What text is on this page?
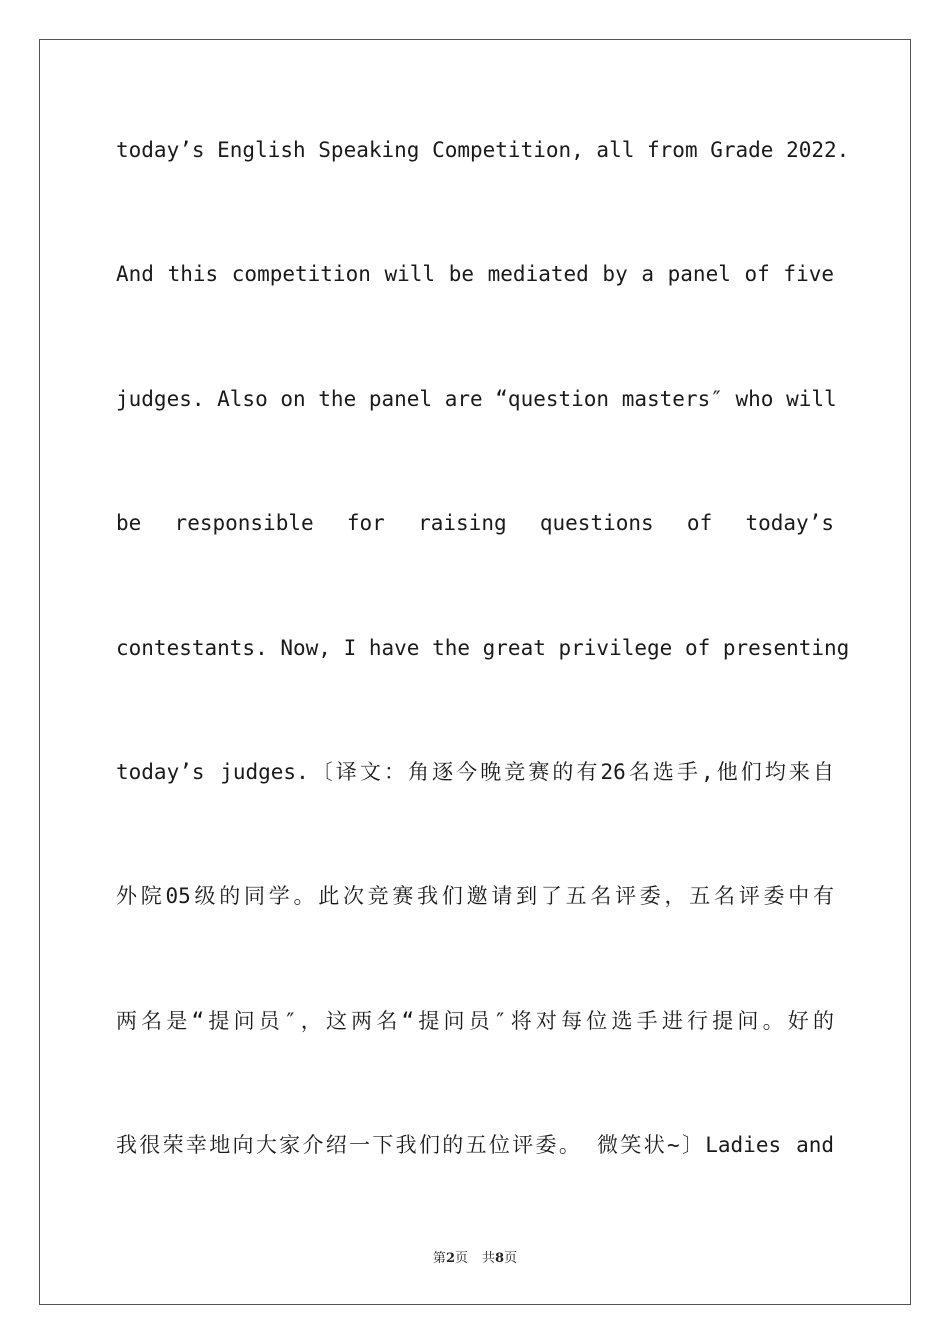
today’s English Speaking Competition, all from Grade 2022.
And this competition will be mediated by a panel of five
judges. Also on the panel are “question masters″ who will
be responsible for raising questions of today’s
contestants. Now, I have the great privilege of presenting
today’s judges.〔译文：角逐今晚竞赛的有26名选手,他们均来自
外院05级的同学。此次竞赛我们邀请到了五名评委，五名评委中有
两名是“提问员″，这两名“提问员″将对每位选手进行提问。好的
我很荣幸地向大家介绍一下我们的五位评委。 微笑状~〕Ladies and
第2页 共8页
